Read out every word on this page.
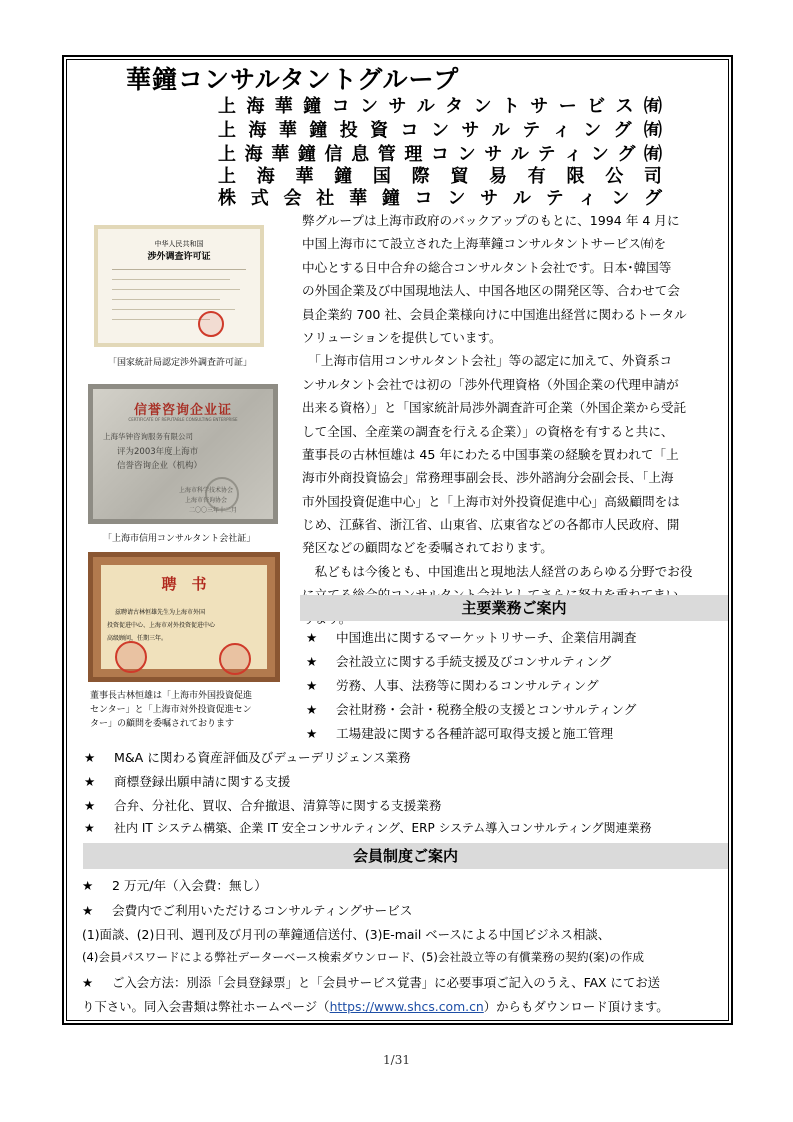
華鐘コンサルタントグループ
上 海 華 鐘 コ ン サ ル タ ン ト サ ー ビ ス ㈲
上 海 華 鐘 投 資 コ ン サ ル テ ィ ン グ ㈲
上 海 華 鐘 信 息 管 理 コ ン サ ル テ ィ ン グ ㈲
上 海 華 鐘 国 際 貿 易 有 限 公 司
株 式 会 社 華 鐘 コ ン サ ル テ ィ ン グ
中华人民共和国
涉外调查许可证
「国家統計局認定渉外調査許可証」
信誉咨询企业证
CERTIFICATE OF REPUTABLE CONSULTING ENTERPRISE
上海华钟咨询服务有限公司
评为2003年度上海市
信誉咨询企业（机构）
上海市科学技术协会
上海市咨询协会
二〇〇三年十二月
「上海市信用コンサルタント会社証」
聘　书
兹聘请古林恒雄先生为上海市外国
投资促进中心、上海市对外投资促进中心
高级顾问，任期三年。
董事長古林恒雄は「上海市外国投資促進
センター」と「上海市対外投資促進セン
ター」の顧問を委嘱されております
弊グループは上海市政府のバックアップのもとに、1994 年 4 月に
中国上海市にて設立された上海華鐘コンサルタントサービス㈲を
中心とする日中合弁の総合コンサルタント会社です。日本･韓国等
の外国企業及び中国現地法人、中国各地区の開発区等、合わせて会
員企業約 700 社、会員企業様向けに中国進出経営に関わるトータル
ソリューションを提供しています。
　「上海市信用コンサルタント会社」等の認定に加えて、外資系コ
ンサルタント会社では初の「渉外代理資格（外国企業の代理申請が
出来る資格）」と「国家統計局渉外調査許可企業（外国企業から受託
して全国、全産業の調査を行える企業）」の資格を有すると共に、
董事長の古林恒雄は 45 年にわたる中国事業の経験を買われて「上
海市外商投資協会」常務理事副会長、渉外諮詢分会副会長、「上海
市外国投資促進中心」と「上海市対外投資促進中心」高級顧問をは
じめ、江蘇省、浙江省、山東省、広東省などの各都市人民政府、開
発区などの顧問などを委嘱されております。
　私どもは今後とも、中国進出と現地法人経営のあらゆる分野でお役
主要業務ご案内
★ 中国進出に関するマーケットリサーチ、企業信用調査
★ 会社設立に関する手続支援及びコンサルティング
★ 労務、人事、法務等に関わるコンサルティング
★ 会社財務・会計・税務全般の支援とコンサルティング
★ 工場建設に関する各種許認可取得支援と施工管理
★ M&A に関わる資産評価及びデューデリジェンス業務
★ 商標登録出願申請に関する支援
★ 合弁、分社化、買収、合弁撤退、清算等に関する支援業務
★ 社内 IT システム構築、企業 IT 安全コンサルティング、ERP システム導入コンサルティング関連業務
会員制度ご案内
★ 2 万元/年（入会費：無し）
★ 会費内でご利用いただけるコンサルティングサービス
(1)面談、(2)日刊、週刊及び月刊の華鐘通信送付、(3)E-mail ベースによる中国ビジネス相談、
(4)会員パスワードによる弊社データーベース検索ダウンロード、(5)会社設立等の有償業務の契約(案)の作成
★ ご入会方法：別添「会員登録票」と「会員サービス覚書」に必要事項ご記入のうえ、FAX にてお送
り下さい。同入会書類は弊社ホームページ（https://www.shcs.com.cn）からもダウンロード頂けます。
1/31
